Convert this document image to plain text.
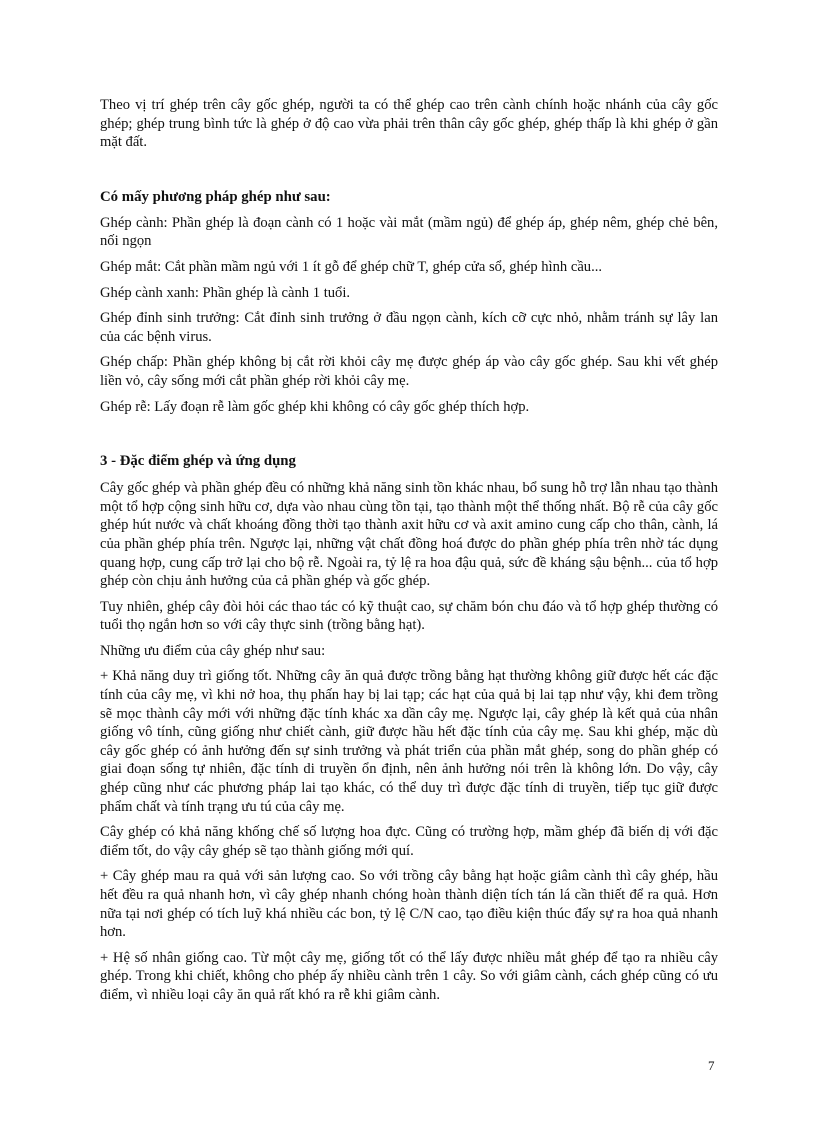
Theo vị trí ghép trên cây gốc ghép, người ta có thể ghép cao trên cành chính hoặc nhánh của cây gốc ghép; ghép trung bình tức là ghép ở độ cao vừa phải trên thân cây gốc ghép, ghép thấp là khi ghép ở gần mặt đất.

Có mấy phương pháp ghép như sau:

Ghép cành: Phần ghép là đoạn cành có 1 hoặc vài mắt (mầm ngủ) để ghép áp, ghép nêm, ghép chẻ bên, nối ngọn

Ghép mắt: Cắt phần mầm ngủ với 1 ít gỗ để ghép chữ T, ghép cửa sổ, ghép hình cầu...

Ghép cành xanh: Phần ghép là cành 1 tuổi.

Ghép đỉnh sinh trưởng: Cắt đỉnh sinh trưởng ở đầu ngọn cành, kích cỡ cực nhỏ, nhằm tránh sự lây lan của các bệnh virus.

Ghép chấp: Phần ghép không bị cắt rời khỏi cây mẹ được ghép áp vào cây gốc ghép. Sau khi vết ghép liền vỏ, cây sống mới cắt phần ghép rời khỏi cây mẹ.

Ghép rễ: Lấy đoạn rễ làm gốc ghép khi không có cây gốc ghép thích hợp.

3 - Đặc điểm ghép và ứng dụng

Cây gốc ghép và phần ghép đều có những khả năng sinh tồn khác nhau, bổ sung hỗ trợ lẫn nhau tạo thành một tổ hợp cộng sinh hữu cơ, dựa vào nhau cùng tồn tại, tạo thành một thể thống nhất. Bộ rễ của cây gốc ghép hút nước và chất khoáng đồng thời tạo thành axit hữu cơ và axit amino cung cấp cho thân, cành, lá của phần ghép phía trên. Ngược lại, những vật chất đồng hoá được do phần ghép phía trên nhờ tác dụng quang hợp, cung cấp trở lại cho bộ rễ. Ngoài ra, tỷ lệ ra hoa đậu quả, sức đề kháng sậu bệnh... của tổ hợp ghép còn chịu ảnh hưởng của cả phần ghép và gốc ghép.

Tuy nhiên, ghép cây đòi hỏi các thao tác có kỹ thuật cao, sự chăm bón chu đáo và tổ hợp ghép thường có tuổi thọ ngắn hơn so với cây thực sinh (trồng bằng hạt).

Những ưu điểm của cây ghép như sau:

+ Khả năng duy trì giống tốt. Những cây ăn quả được trồng bằng hạt thường không giữ được hết các đặc tính của cây mẹ, vì khi nở hoa, thụ phấn hay bị lai tạp; các hạt của quả bị lai tạp như vậy, khi đem trồng sẽ mọc thành cây mới với những đặc tính khác xa dần cây mẹ. Ngược lại, cây ghép là kết quả của nhân giống vô tính, cũng giống như chiết cành, giữ được hầu hết đặc tính của cây mẹ. Sau khi ghép, mặc dù cây gốc ghép có ảnh hưởng đến sự sinh trưởng và phát triển của phần mắt ghép, song do phần ghép có giai đoạn sống tự nhiên, đặc tính di truyền ổn định, nên ảnh hưởng nói trên là không lớn. Do vậy, cây ghép cũng như các phương pháp lai tạo khác, có thể duy trì được đặc tính di truyền, tiếp tục giữ được phẩm chất và tính trạng ưu tú của cây mẹ.

Cây ghép có khả năng khống chế số lượng hoa đực. Cũng có trường hợp, mầm ghép đã biến dị với đặc điểm tốt, do vậy cây ghép sẽ tạo thành giống mới quí.

+ Cây ghép mau ra quả với sản lượng cao. So với trồng cây bằng hạt hoặc giâm cành thì cây ghép, hầu hết đều ra quả nhanh hơn, vì cây ghép nhanh chóng hoàn thành diện tích tán lá cần thiết để ra quả. Hơn nữa tại nơi ghép có tích luỹ khá nhiều các bon, tỷ lệ C/N cao, tạo điều kiện thúc đẩy sự ra hoa quả nhanh hơn.

+ Hệ số nhân giống cao. Từ một cây mẹ, giống tốt có thể lấy được nhiều mắt ghép để tạo ra nhiều cây ghép. Trong khi chiết, không cho phép ấy nhiều cành trên 1 cây. So với giâm cành, cách ghép cũng có ưu điểm, vì nhiều loại cây ăn quả rất khó ra rễ khi giâm cành.

7
